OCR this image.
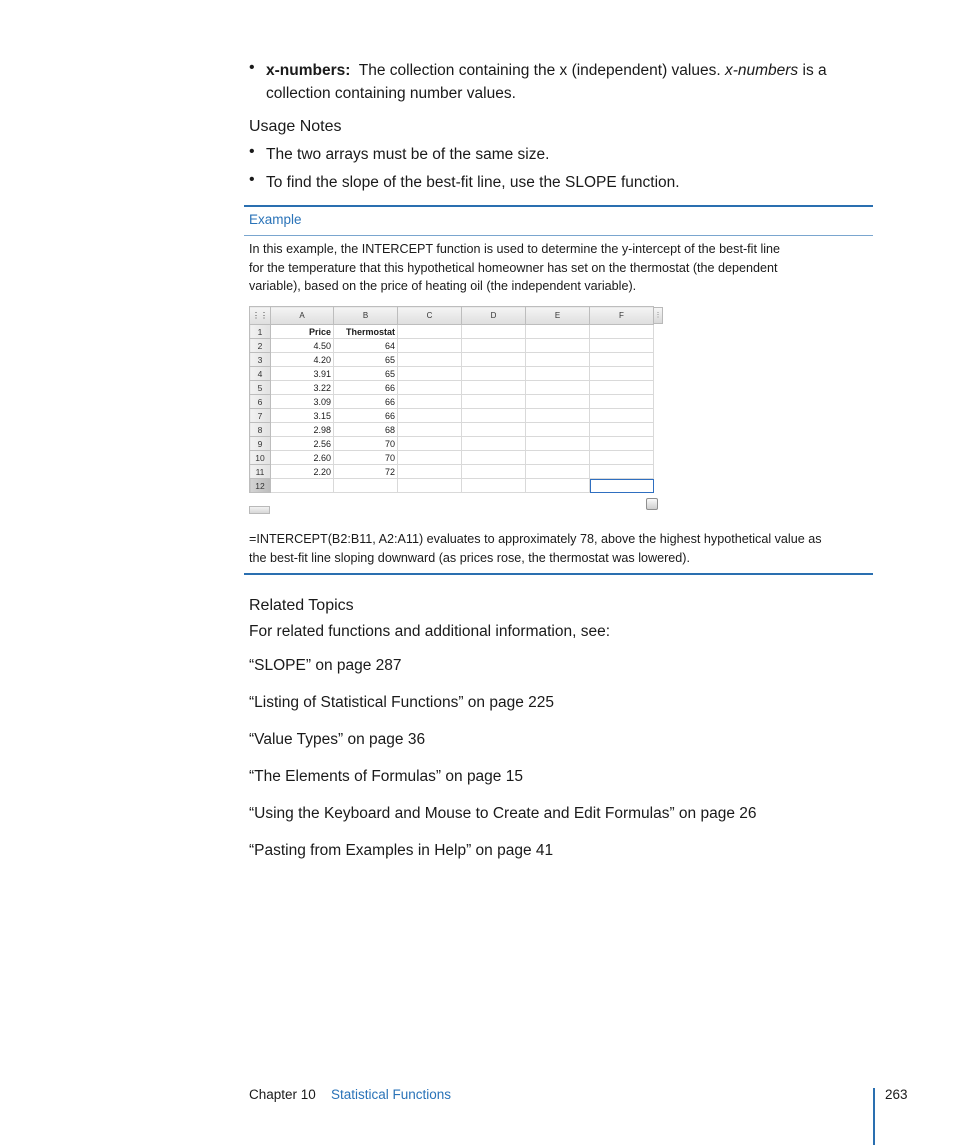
• x-numbers: The collection containing the x (independent) values. x-numbers is a
collection containing number values.
Usage Notes
• The two arrays must be of the same size.
• To find the slope of the best-fit line, use the SLOPE function.
Example
In this example, the INTERCEPT function is used to determine the y-intercept of the best-fit line
for the temperature that this hypothetical homeowner has set on the thermostat (the dependent
variable), based on the price of heating oil (the independent variable).
⋮⋮	A	B	C	D	E	F
1	Price	Thermostat				
2	4.50	64				
3	4.20	65				
4	3.91	65				
5	3.22	66				
6	3.09	66				
7	3.15	66				
8	2.98	68				
9	2.56	70				
10	2.60	70				
11	2.20	72				
12						
⋮
=INTERCEPT(B2:B11, A2:A11) evaluates to approximately 78, above the highest hypothetical value as
the best-fit line sloping downward (as prices rose, the thermostat was lowered).
Related Topics
For related functions and additional information, see:
“SLOPE” on page 287
“Listing of Statistical Functions” on page 225
“Value Types” on page 36
“The Elements of Formulas” on page 15
“Using the Keyboard and Mouse to Create and Edit Formulas” on page 26
“Pasting from Examples in Help” on page 41
Chapter 10 Statistical Functions	263
